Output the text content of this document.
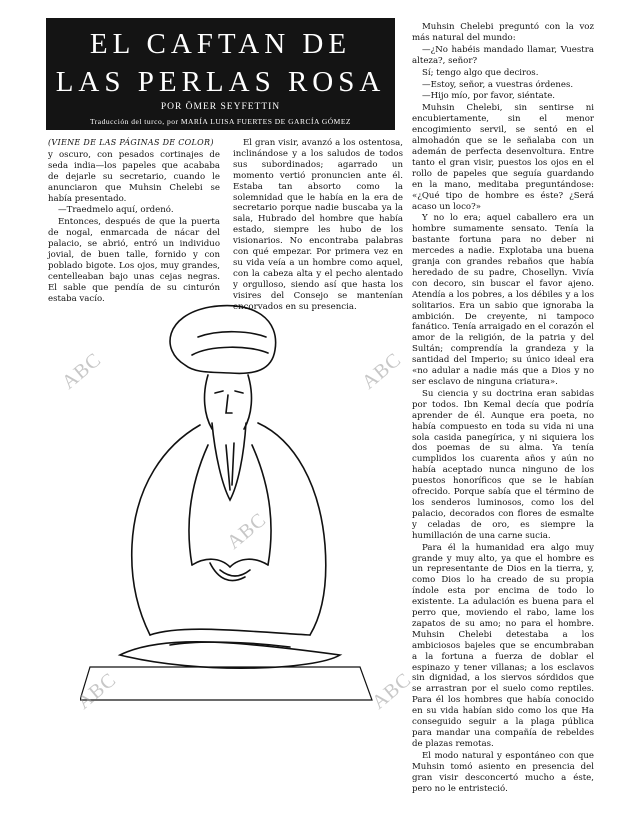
EL CAFTAN DE
LAS PERLAS ROSA
POR ÖMER SEYFETTIN
Traducción del turco, por MARÍA LUISA FUERTES DE GARCÍA GÓMEZ

(VIENE DE LAS PÁGINAS DE COLOR)

y oscuro, con pesados cortinajes de seda india—los papeles que acababa de dejarle su secretario, cuando le anunciaron que Muhsin Chelebi se había presentado.

—Traedmelo aquí, ordenó.

Entonces, después de que la puerta de nogal, enmarcada de nácar del palacio, se abrió, entró un individuo jovial, de buen talle, fornido y con poblado bigote. Los ojos, muy grandes, centelleaban bajo unas cejas negras. El sable que pendía de su cinturón estaba vacío.

El gran visir, avanzó a los ostentosa, inclinándose y a los saludos de todos sus subordinados; agarrado un momento vertió pronuncien ante él. Estaba tan absorto como la solemnidad que le había en la era de secretario porque nadie buscaba ya la sala, Hubrado del hombre que había estado, siempre les hubo de los visionarios. No encontraba palabras con qué empezar. Por primera vez en su vida veía a un hombre como aquel, con la cabeza alta y el pecho alentado y orgulloso, siendo así que hasta los visires del Consejo se mantenían encorvados en su presencia.

Muhsin Chelebi preguntó con la voz más natural del mundo:

—¿No habéis mandado llamar, Vuestra alteza?, señor?

Sí; tengo algo que deciros.

—Estoy, señor, a vuestras órdenes.

—Hijo mío, por favor, siéntate.

Muhsin Chelebi, sin sentirse ni encubiertamente, sin el menor encogimiento servil, se sentó en el almohadón que se le señalaba con un ademán de perfecta desenvoltura. Entre tanto el gran visir, puestos los ojos en el rollo de papeles que seguía guardando en la mano, meditaba preguntándose: «¿Qué tipo de hombre es éste? ¿Será acaso un loco?»

Y no lo era; aquel caballero era un hombre sumamente sensato. Tenía la bastante fortuna para no deber ni mercedes a nadie. Explotaba una buena granja con grandes rebaños que había heredado de su padre, Chosellyn. Vivía con decoro, sin buscar el favor ajeno. Atendía a los pobres, a los débiles y a los solitarios. Era un sabio que ignoraba la ambición. De creyente, ni tampoco fanático. Tenía arraigado en el corazón el amor de la religión, de la patria y del Sultán; comprendía la grandeza y la santidad del Imperio; su único ideal era «no adular a nadie más que a Dios y no ser esclavo de ninguna criatura».

Su ciencia y su doctrina eran sabidas por todos. Ibn Kemal decía que podría aprender de él. Aunque era poeta, no había compuesto en toda su vida ni una sola casida panegírica, y ni siquiera los dos poemas de su alma. Ya tenía cumplidos los cuarenta años y aún no había aceptado nunca ninguno de los puestos honoríficos que se le habían ofrecido. Porque sabía que el término de los senderos luminosos, como los del palacio, decorados con flores de esmalte y celadas de oro, es siempre la humillación de una carne sucia.

Para él la humanidad era algo muy grande y muy alto, ya que el hombre es un representante de Dios en la tierra, y, como Dios lo ha creado de su propia índole esta por encima de todo lo existente. La adulación es buena para el perro que, moviendo el rabo, lame los zapatos de su amo; no para el hombre. Muhsin Chelebi detestaba a los ambiciosos bajeles que se encumbraban a la fortuna a fuerza de doblar el espinazo y tener villanas; a los esclavos sin dignidad, a los siervos sórdidos que se arrastran por el suelo como reptiles. Para él los hombres que había conocido en su vida habían sido como los que Ha conseguido seguir a la plaga pública para mandar una compañía de rebeldes de plazas remotas.

El modo natural y espontáneo con que Muhsin tomó asiento en presencia del gran visir desconcertó mucho a éste, pero no le entristeció.

ABC	ABC
ABC
ABC	ABC
